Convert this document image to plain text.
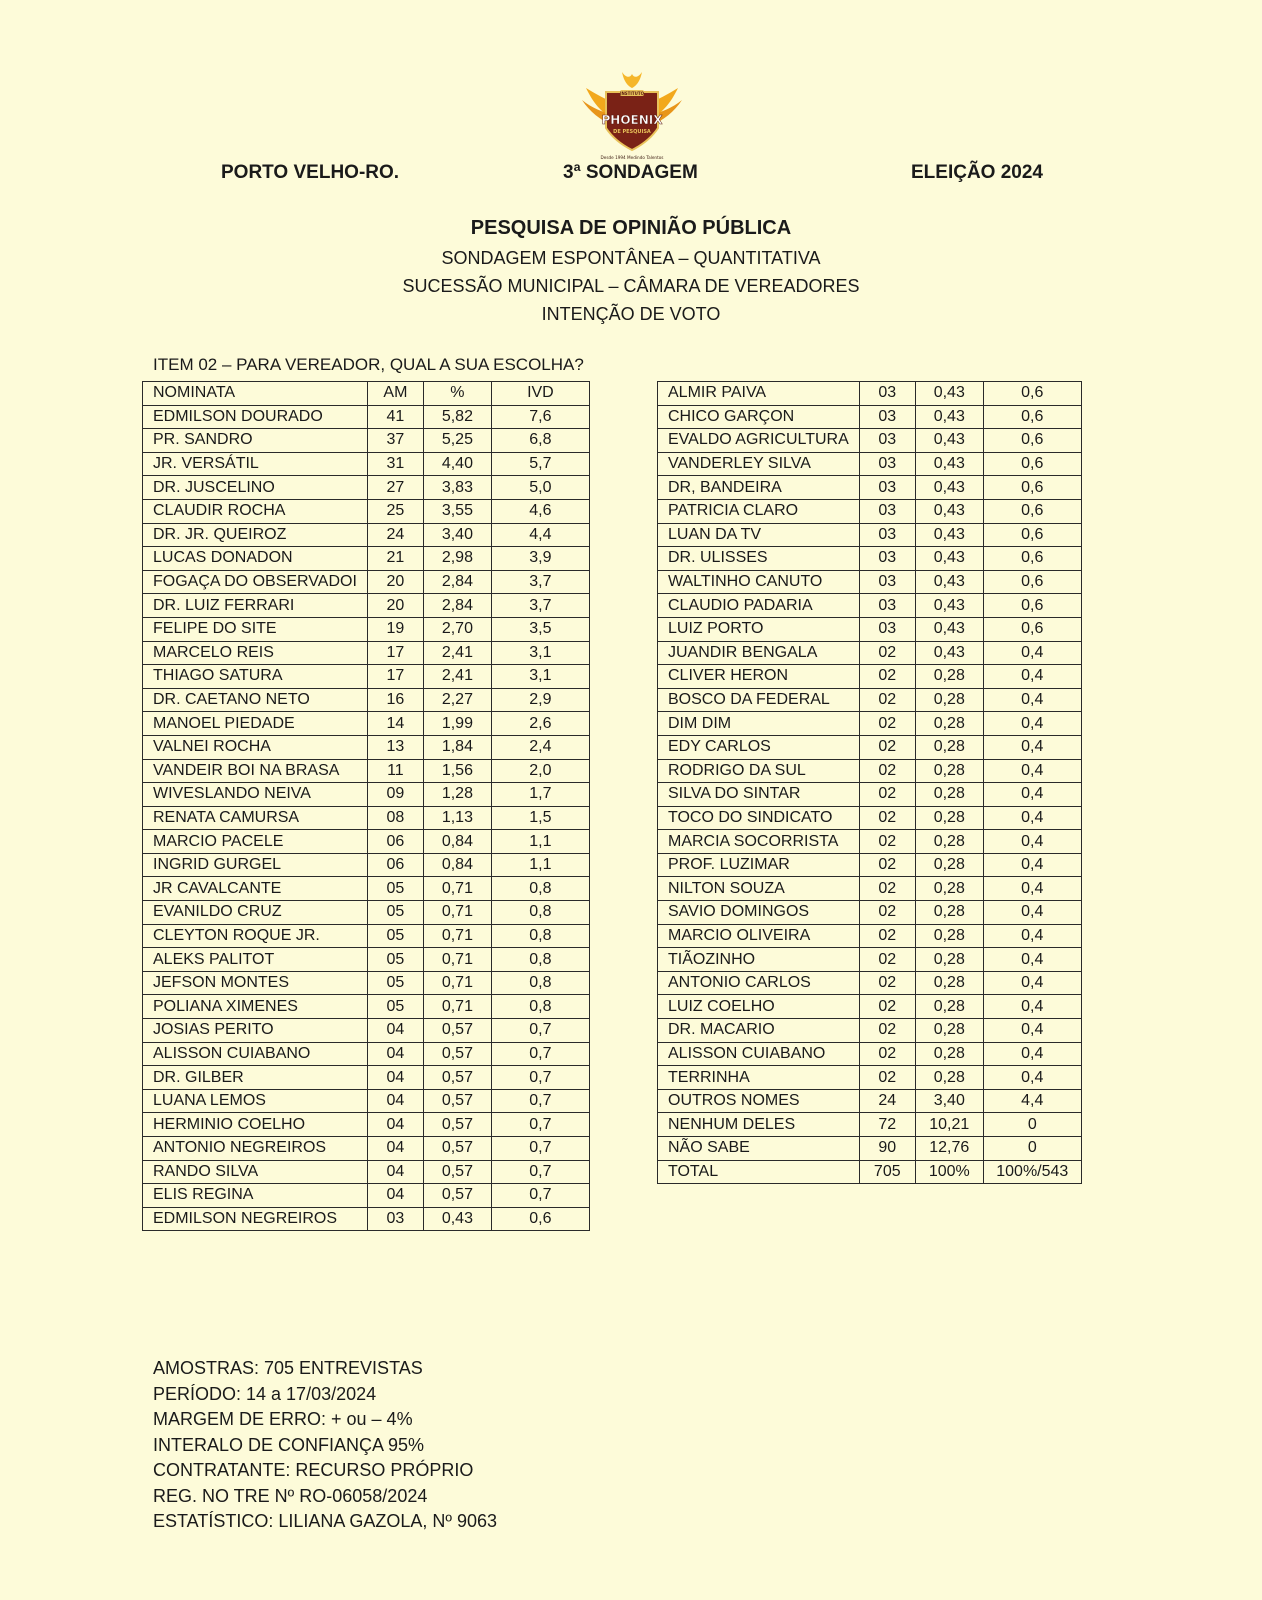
INSTITUTO
PHOENIX
DE PESQUISA
Desde 1994 Medindo Talentos
PORTO VELHO-RO.	3ª SONDAGEM	ELEIÇÃO 2024
PESQUISA DE OPINIÃO PÚBLICA
SONDAGEM ESPONTÂNEA – QUANTITATIVA
SUCESSÃO MUNICIPAL – CÂMARA DE VEREADORES
INTENÇÃO DE VOTO
ITEM 02 – PARA VEREADOR, QUAL A SUA ESCOLHA?
NOMINATA	AM	%	IVD
EDMILSON DOURADO	41	5,82	7,6
PR. SANDRO	37	5,25	6,8
JR. VERSÁTIL	31	4,40	5,7
DR. JUSCELINO	27	3,83	5,0
CLAUDIR ROCHA	25	3,55	4,6
DR. JR. QUEIROZ	24	3,40	4,4
LUCAS DONADON	21	2,98	3,9
FOGAÇA DO OBSERVADOI	20	2,84	3,7
DR. LUIZ FERRARI	20	2,84	3,7
FELIPE DO SITE	19	2,70	3,5
MARCELO REIS	17	2,41	3,1
THIAGO SATURA	17	2,41	3,1
DR. CAETANO NETO	16	2,27	2,9
MANOEL PIEDADE	14	1,99	2,6
VALNEI ROCHA	13	1,84	2,4
VANDEIR BOI NA BRASA	11	1,56	2,0
WIVESLANDO NEIVA	09	1,28	1,7
RENATA CAMURSA	08	1,13	1,5
MARCIO PACELE	06	0,84	1,1
INGRID GURGEL	06	0,84	1,1
JR CAVALCANTE	05	0,71	0,8
EVANILDO CRUZ	05	0,71	0,8
CLEYTON ROQUE JR.	05	0,71	0,8
ALEKS PALITOT	05	0,71	0,8
JEFSON MONTES	05	0,71	0,8
POLIANA XIMENES	05	0,71	0,8
JOSIAS PERITO	04	0,57	0,7
ALISSON CUIABANO	04	0,57	0,7
DR. GILBER	04	0,57	0,7
LUANA LEMOS	04	0,57	0,7
HERMINIO COELHO	04	0,57	0,7
ANTONIO NEGREIROS	04	0,57	0,7
RANDO SILVA	04	0,57	0,7
ELIS REGINA	04	0,57	0,7
EDMILSON NEGREIROS	03	0,43	0,6
ALMIR PAIVA	03	0,43	0,6
CHICO GARÇON	03	0,43	0,6
EVALDO AGRICULTURA	03	0,43	0,6
VANDERLEY SILVA	03	0,43	0,6
DR, BANDEIRA	03	0,43	0,6
PATRICIA CLARO	03	0,43	0,6
LUAN DA TV	03	0,43	0,6
DR. ULISSES	03	0,43	0,6
WALTINHO CANUTO	03	0,43	0,6
CLAUDIO PADARIA	03	0,43	0,6
LUIZ PORTO	03	0,43	0,6
JUANDIR BENGALA	02	0,43	0,4
CLIVER HERON	02	0,28	0,4
BOSCO DA FEDERAL	02	0,28	0,4
DIM DIM	02	0,28	0,4
EDY CARLOS	02	0,28	0,4
RODRIGO DA SUL	02	0,28	0,4
SILVA DO SINTAR	02	0,28	0,4
TOCO DO SINDICATO	02	0,28	0,4
MARCIA SOCORRISTA	02	0,28	0,4
PROF. LUZIMAR	02	0,28	0,4
NILTON SOUZA	02	0,28	0,4
SAVIO DOMINGOS	02	0,28	0,4
MARCIO OLIVEIRA	02	0,28	0,4
TIÃOZINHO	02	0,28	0,4
ANTONIO CARLOS	02	0,28	0,4
LUIZ COELHO	02	0,28	0,4
DR. MACARIO	02	0,28	0,4
ALISSON CUIABANO	02	0,28	0,4
TERRINHA	02	0,28	0,4
OUTROS NOMES	24	3,40	4,4
NENHUM DELES	72	10,21	0
NÃO SABE	90	12,76	0
TOTAL	705	100%	100%/543
AMOSTRAS: 705 ENTREVISTAS
PERÍODO: 14 a 17/03/2024
MARGEM DE ERRO: + ou – 4%
INTERALO DE CONFIANÇA 95%
CONTRATANTE: RECURSO PRÓPRIO
REG. NO TRE Nº RO-06058/2024
ESTATÍSTICO: LILIANA GAZOLA, Nº 9063
